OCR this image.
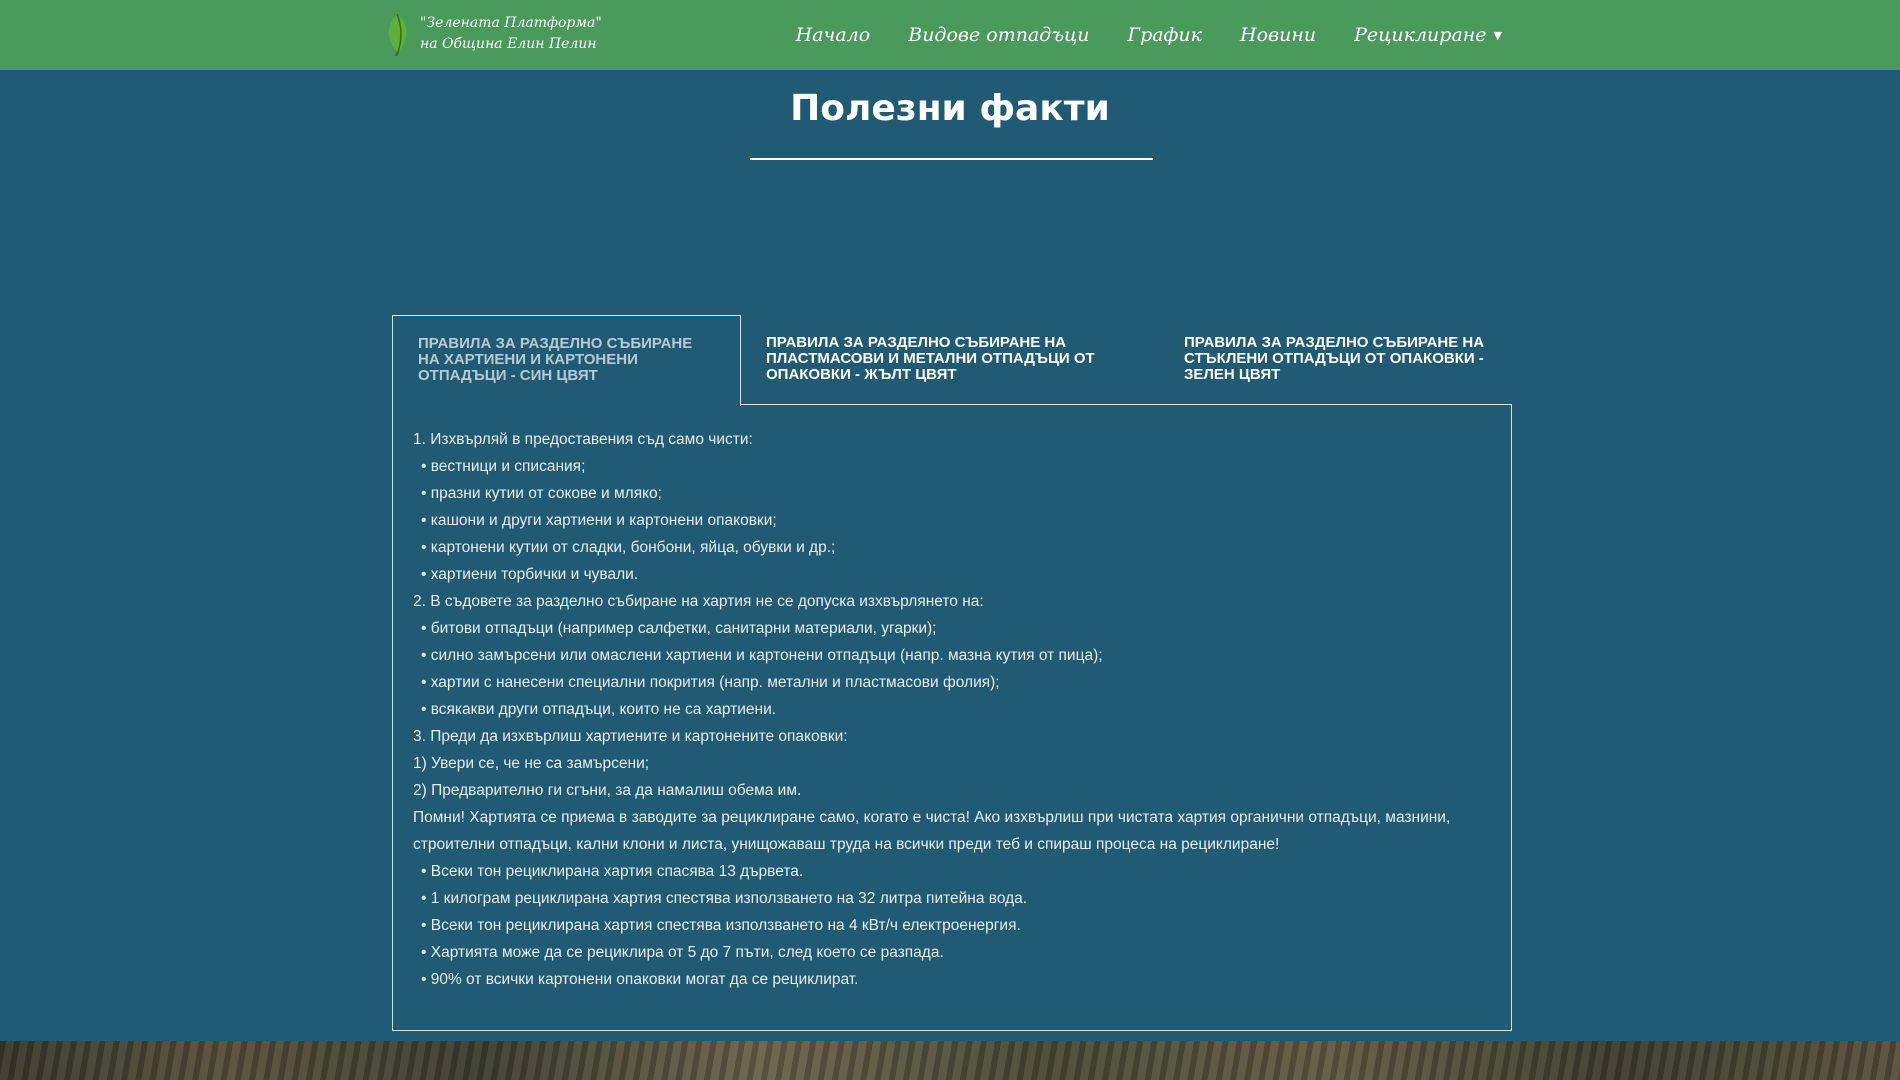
"Зелената Платформа"
на Община Елин Пелин	Начало Видове отпадъци График Новини Рециклиране ▼
Полезни факти
ПРАВИЛА ЗА РАЗДЕЛНО СЪБИРАНЕ НА ХАРТИЕНИ И КАРТОНЕНИ ОТПАДЪЦИ - СИН ЦВЯТ
ПРАВИЛА ЗА РАЗДЕЛНО СЪБИРАНЕ НА ПЛАСТМАСОВИ И МЕТАЛНИ ОТПАДЪЦИ ОТ ОПАКОВКИ - ЖЪЛТ ЦВЯТ
ПРАВИЛА ЗА РАЗДЕЛНО СЪБИРАНЕ НА СТЪКЛЕНИ ОТПАДЪЦИ ОТ ОПАКОВКИ - ЗЕЛЕН ЦВЯТ

1. Изхвърляй в предоставения съд само чисти:

• вестници и списания;

• празни кутии от сокове и мляко;

• кашони и други хартиени и картонени опаковки;

• картонени кутии от сладки, бонбони, яйца, обувки и др.;

• хартиени торбички и чували.

2. В съдовете за разделно събиране на хартия не се допуска изхвърлянето на:

• битови отпадъци (например салфетки, санитарни материали, угарки);

• силно замърсени или омаслени хартиени и картонени отпадъци (напр. мазна кутия от пица);

• хартии с нанесени специални покрития (напр. метални и пластмасови фолия);

• всякакви други отпадъци, които не са хартиени.

3. Преди да изхвърлиш хартиените и картонените опаковки:

1) Увери се, че не са замърсени;

2) Предварително ги сгъни, за да намалиш обема им.

Помни! Хартията се приема в заводите за рециклиране само, когато е чиста! Ако изхвърлиш при чистата хартия органични отпадъци, мазнини, строителни отпадъци, кални клони и листа, унищожаваш труда на всички преди теб и спираш процеса на рециклиране!

• Всеки тон рециклирана хартия спасява 13 дървета.

• 1 килограм рециклирана хартия спестява използването на 32 литра питейна вода.

• Всеки тон рециклирана хартия спестява използването на 4 кВт/ч електроенергия.

• Хартията може да се рециклира от 5 до 7 пъти, след което се разпада.

• 90% от всички картонени опаковки могат да се рециклират.
